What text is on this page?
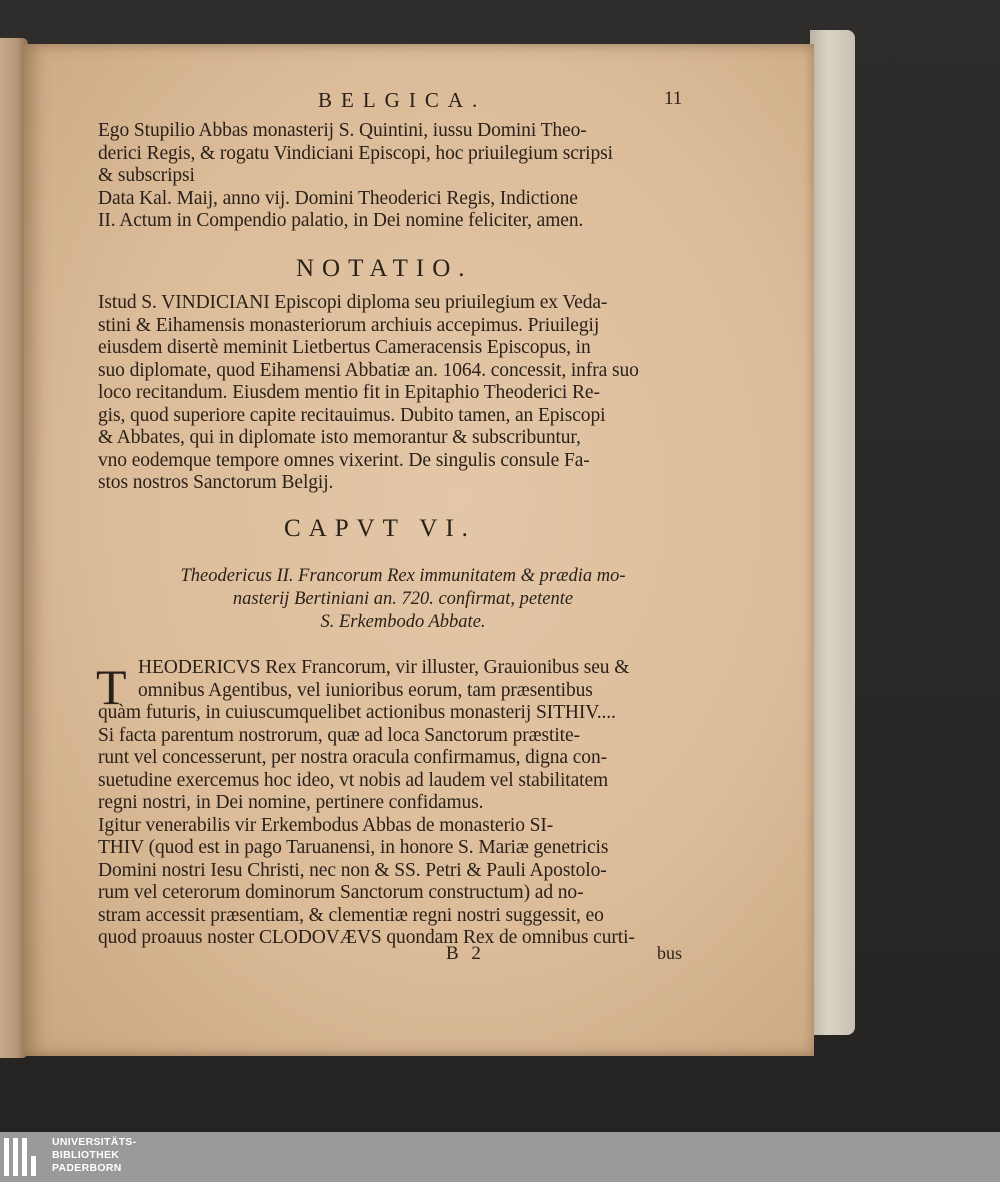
BELGICA.	11
Ego Stupilio Abbas monasterij S. Quintini, iussu Domini Theo-
derici Regis, & rogatu Vindiciani Episcopi, hoc priuilegium scripsi
& subscripsi
Data Kal. Maij, anno vij. Domini Theoderici Regis, Indictione
II. Actum in Compendio palatio, in Dei nomine feliciter, amen.
NOTATIO.
Istud S. VINDICIANI Episcopi diploma seu priuilegium ex Veda-
stini & Eihamensis monasteriorum archiuis accepimus. Priuilegij
eiusdem disertè meminit Lietbertus Cameracensis Episcopus, in
suo diplomate, quod Eihamensi Abbatiæ an. 1064. concessit, infra suo
loco recitandum. Eiusdem mentio fit in Epitaphio Theoderici Re-
gis, quod superiore capite recitauimus. Dubito tamen, an Episcopi
& Abbates, qui in diplomate isto memorantur & subscribuntur,
vno eodemque tempore omnes vixerint. De singulis consule Fa-
stos nostros Sanctorum Belgij.
CAPVT VI.
Theodericus II. Francorum Rex immunitatem & prædia mo-
nasterij Bertiniani an. 720. confirmat, petente
S. Erkembodo Abbate.
T HEODERICVS Rex Francorum, vir illuster, Grauionibus seu &
omnibus Agentibus, vel iunioribus eorum, tam præsentibus
quàm futuris, in cuiuscumquelibet actionibus monasterij SITHIV....
Si facta parentum nostrorum, quæ ad loca Sanctorum præstite-
runt vel concesserunt, per nostra oracula confirmamus, digna con-
suetudine exercemus hoc ideo, vt nobis ad laudem vel stabilitatem
regni nostri, in Dei nomine, pertinere confidamus.
Igitur venerabilis vir Erkembodus Abbas de monasterio SI-
THIV (quod est in pago Taruanensi, in honore S. Mariæ genetricis
Domini nostri Iesu Christi, nec non & SS. Petri & Pauli Apostolo-
rum vel ceterorum dominorum Sanctorum constructum) ad no-
stram accessit præsentiam, & clementiæ regni nostri suggessit, eo
quod proauus noster CLODOVÆVS quondam Rex de omnibus curti-
B 2	bus
UNIVERSITÄTS-
BIBLIOTHEK
PADERBORN
